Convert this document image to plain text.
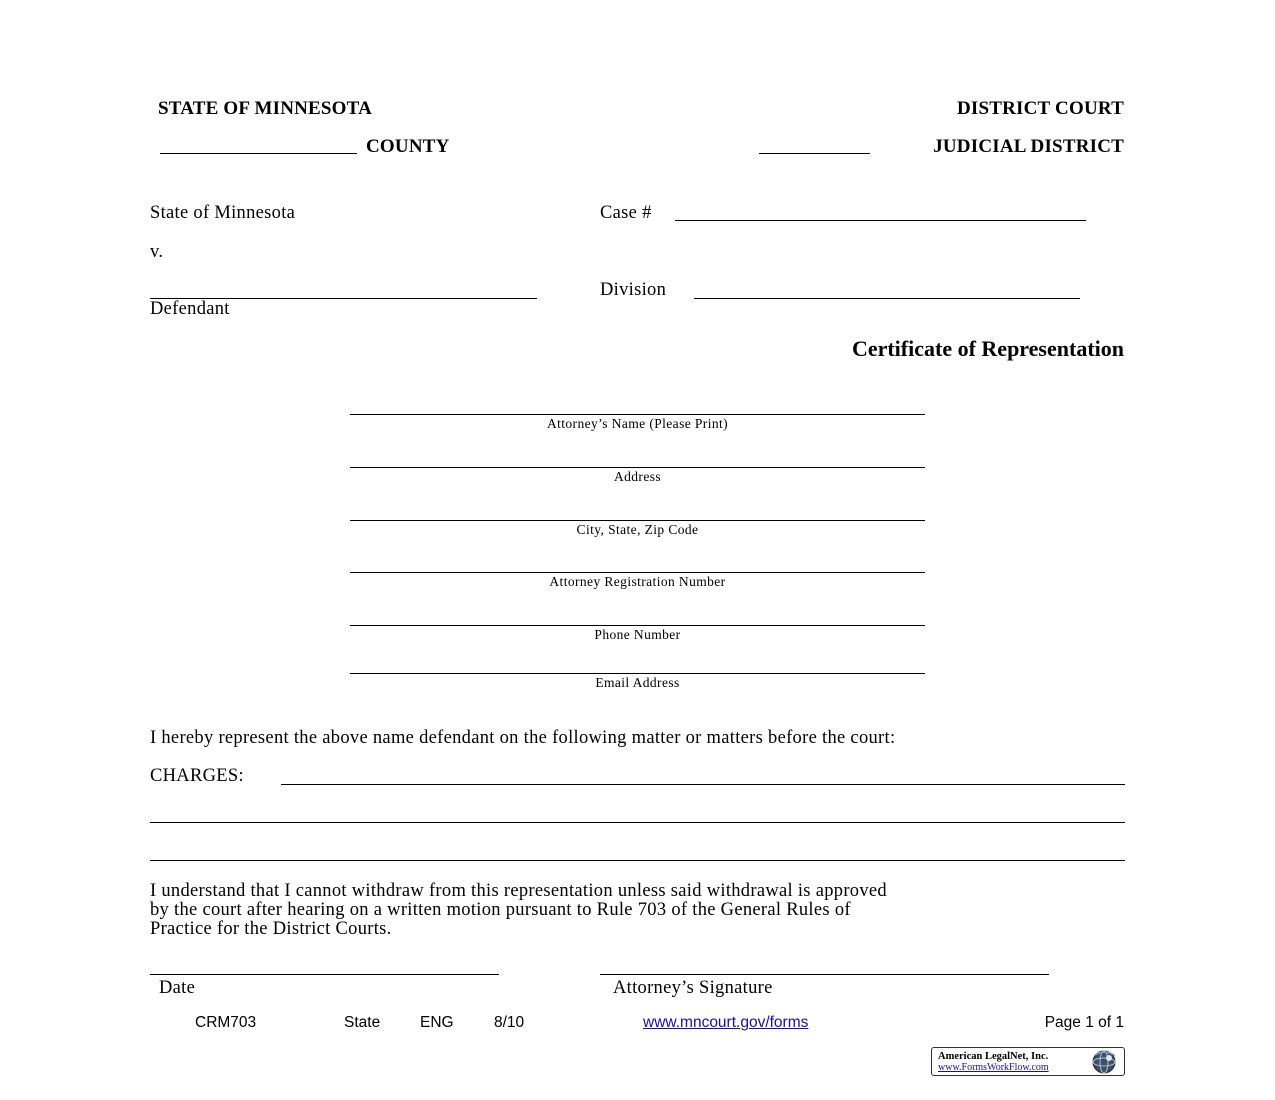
STATE OF MINNESOTA	DISTRICT COURT
COUNTY	JUDICIAL DISTRICT
State of Minnesota	Case #
v.
Division
Defendant
Certificate of Representation
Attorney’s Name (Please Print)
Address
City, State, Zip Code
Attorney Registration Number
Phone Number
Email Address
I hereby represent the above name defendant on the following matter or matters before the court:
CHARGES:
I understand that I cannot withdraw from this representation unless said withdrawal is approved
by the court after hearing on a written motion pursuant to Rule 703 of the General Rules of
Practice for the District Courts.
Date	Attorney’s Signature
CRM703	State	ENG	8/10	www.mncourt.gov/forms	Page 1 of 1
American LegalNet, Inc.
www.FormsWorkFlow.com
